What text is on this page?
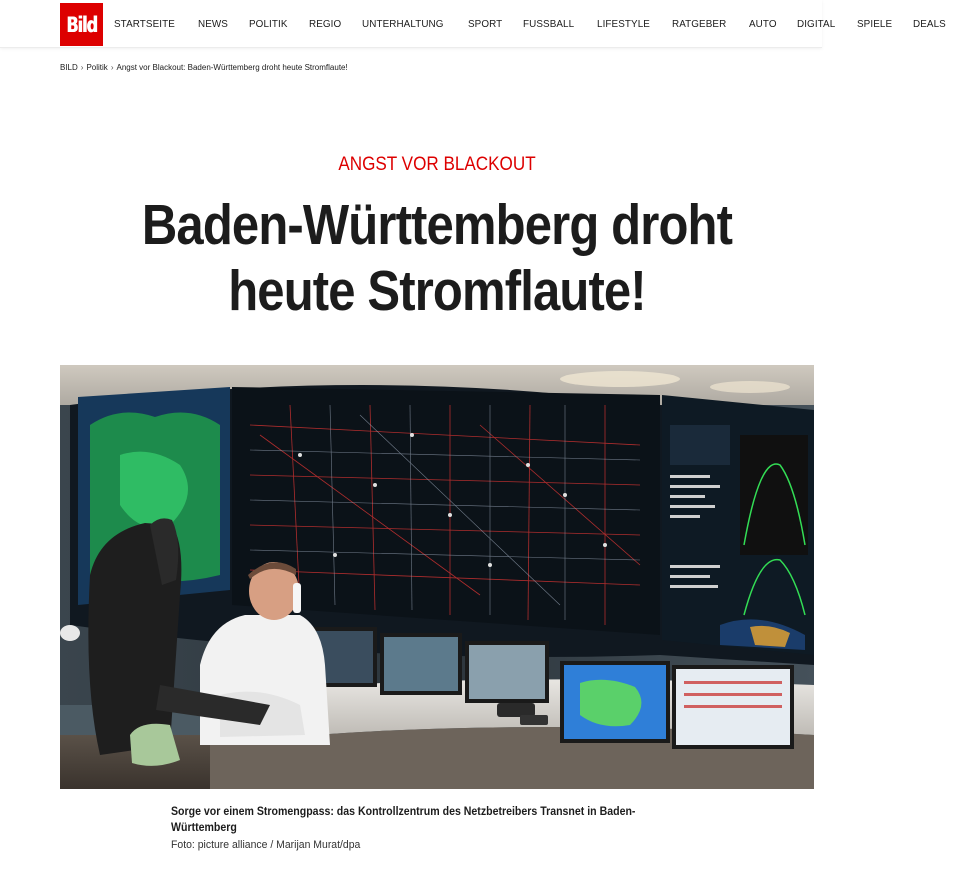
Bild STARTSEITE NEWS POLITIK REGIO UNTERHALTUNG SPORT FUSSBALL LIFESTYLE RATGEBER AUTO DIGITAL SPIELE DEALS
BILD › Politik › Angst vor Blackout: Baden-Württemberg droht heute Stromflaute!
ANGST VOR BLACKOUT
Baden-Württemberg droht
heute Stromflaute!
Sorge vor einem Stromengpass: das Kontrollzentrum des Netzbetreibers Transnet in Baden-Württemberg
Foto: picture alliance / Marijan Murat/dpa
